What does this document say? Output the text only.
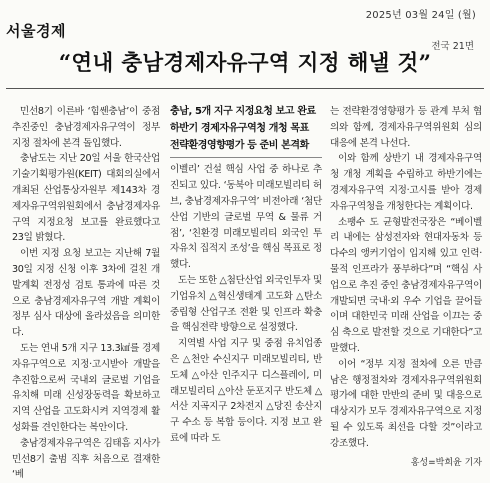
서울경제
2025년 03월 24일 (월)
전국 21면
“연내 충남경제자유구역 지정 해낼 것”

민선8기 이른바 ‘힘쎈충남’이 중점 추진중인 충남경제자유구역이 정부 지정 절차에 본격 돌입했다.

충남도는 지난 20일 서울 한국산업기술기획평가원(KEIT) 대회의실에서 개최된 산업통상자원부 제143차 경제자유구역위원회에서 충남경제자유구역 지정요청 보고를 완료했다고 23일 밝혔다.

이번 지정 요청 보고는 지난해 7월 30일 지정 신청 이후 3차에 걸친 개발계획 전정성 검토 통과에 따른 것으로 충남경제자유구역 개발 계획이 정부 심사 대상에 올라섰음을 의미한다.

도는 연내 5개 지구 13.3㎢를 경제자유구역으로 지정·고시받아 개발을 추진함으로써 국내외 글로벌 기업을 유치해 미래 신성장동력을 확보하고 지역 산업을 고도화시켜 지역경제 활성화를 견인한다는 복안이다.

충남경제자유구역은 김태흠 지사가 민선8기 출범 직후 처음으로 결재한 ‘베

충남, 5개 지구 지정요청 보고 완료

하반기 경제자유구역청 개청 목표

전략환경영향평가 등 준비 본격화

이벨리’ 건설 핵심 사업 중 하나로 추진되고 있다. ‘동북아 미래모빌리티 허브, 충남경제자유구역’ 비전아래 ‘첨단산업 기반의 글로벌 무역 & 물류 거점’, ‘친환경 미래모빌리티 외국인 투자유치 집적지 조성’을 핵심 목표로 정했다.

도는 또한 △첨단산업 외국인투자 및 기업유치 △혁신생태계 고도화 △탄소중립형 산업구조 전환 및 인프라 확충을 핵심전략 방향으로 설정했다.

지역별 사업 지구 및 중점 유치업종은 △천안 수신지구 미래모빌리티, 반도체 △아산 인주지구 디스플레이, 미래모빌리티 △아산 둔포지구 반도체 △서산 지곡지구 2차전지 △당진 송산지구 수소 등 복합 등이다. 지정 보고 완료에 따라 도

는 전략환경영향평가 등 관계 부처 협의와 함께, 경제자유구역위원회 심의 대응에 본격 나선다.

이와 함께 상반기 내 경제자유구역청 개청 계획을 수립하고 하반기에는 경제자유구역 지정·고시를 받아 경제자유구역청을 개청한다는 계획이다.

소팽수 도 균형발전국장은 “베이벨리 내에는 삼성전자와 현대자동차 등 다수의 앵커기업이 입지해 있고 인력·물적 인프라가 풍부하다”며 “핵심 사업으로 추진 중인 충남경제자유구역이 개발되면 국내·외 우수 기업을 끌어들이며 대한민국 미래 산업을 이끄는 중심 축으로 발전할 것으로 기대한다”고 말했다.

이어 “정부 지정 절차에 오른 만큼 남은 행정절차와 경제자유구역위원회 평가에 대한 만반의 준비 및 대응으로 대상지가 모두 경제자유구역으로 지정될 수 있도록 최선을 다할 것”이라고 강조했다.

홍성=박희윤 기자
